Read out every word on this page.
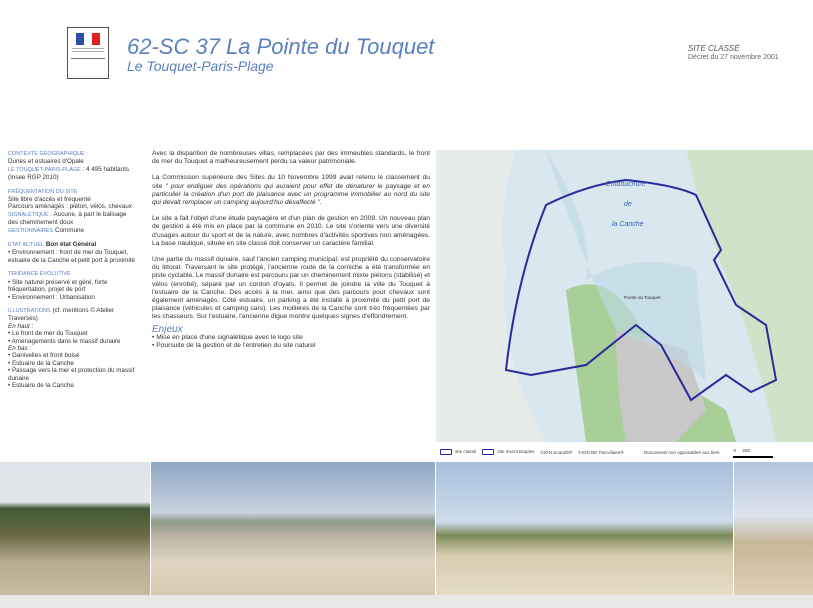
62-SC 37 La Pointe du Touquet
Le Touquet-Paris-Plage
SITE CLASSÉ
Décret du 27 novembre 2001

CONTEXTE GÉOGRAPHIQUE :
Dunes et estuaires d'Opale
LE TOUQUET-PARIS-PLAGE : 4 495 habitants
(Insee RGP 2010)

FRÉQUENTATION DU SITE
Site libre d'accès et fréquenté
Parcours aménagés : piéton, vélos, chevaux
SIGNALÉTIQUE : Aucune, à part le balisage des cheminement doux
GESTIONNAIRES Commune

ÉTAT ACTUEL Bon état Général
• Environnement : front de mer du Touquet, estuaire de la Canche et petit port à proximité

TENDANCE ÉVOLUTIVE
• Site naturel préservé et géré, forte fréquentation, projet de port
• Environnement : Urbanisation

ILLUSTRATIONS (cf. mentions © Atelier Traverses)
En haut :
• Le front de mer du Touquet
• Aménagements dans le massif dunaire
En bas :
• Ganivelles et front boisé
• Estuaire de la Canche
• Passage vers la mer et protection du massif dunaire
• Estuaire de la Canche

Avec la disparition de nombreuses villas, remplacées par des immeubles standards, le front de mer du Touquet a malheureusement perdu sa valeur patrimoniale.

La Commission supérieure des Sites du 10 Novembre 1999 avait retenu le classement du site " pour endiguer des opérations qui auraient pour effet de dénaturer le paysage et en particulier la création d'un port de plaisance avec un programme immobilier au nord du site qui devait remplacer un camping aujourd'hui désaffecté ".

Le site a fait l'objet d'une étude paysagère et d'un plan de gestion en 2009. Un nouveau plan de gestion a été mis en place par la commune en 2010. Le site s'oriente vers une diversité d'usages autour du sport et de la nature, avec nombres d'activités sportives non aménagées. La base nautique, située en site classé doit conserver un caractère familial.

Une partie du massif dunaire, sauf l'ancien camping municipal, est propriété du conservatoire du littoral. Traversant le site protégé, l'ancienne route de la corniche a été transformée en piste cyclable. Le massif dunaire est parcouru par un cheminement mixte piétons (stabilisé) et vélos (enrobé), séparé par un cordon d'oyats. Il permet de joindre la ville du Touquet à l'estuaire de la Canche. Des accès à la mer, ainsi que des parcours pour chevaux sont également aménagés. Côté estuaire, un parking a été installé à proximité du petit port de plaisance (véhicules et camping cars). Les mollières de la Canche sont très fréquentées par les chasseurs. Sur l'estuaire, l'ancienne digue montre quelques signes d'effondrement.

Enjeux
• Mise en place d'une signalétique avec le logo site
• Poursuite de la gestion et de l'entretien du site naturel
Embouchure
de
la Canche
Pointe du Touquet
site classé	site inscrit Etaples ©IGN Scan25® ©IGN BD Parcellaire®	Documents non opposables aux tiers	0 250
